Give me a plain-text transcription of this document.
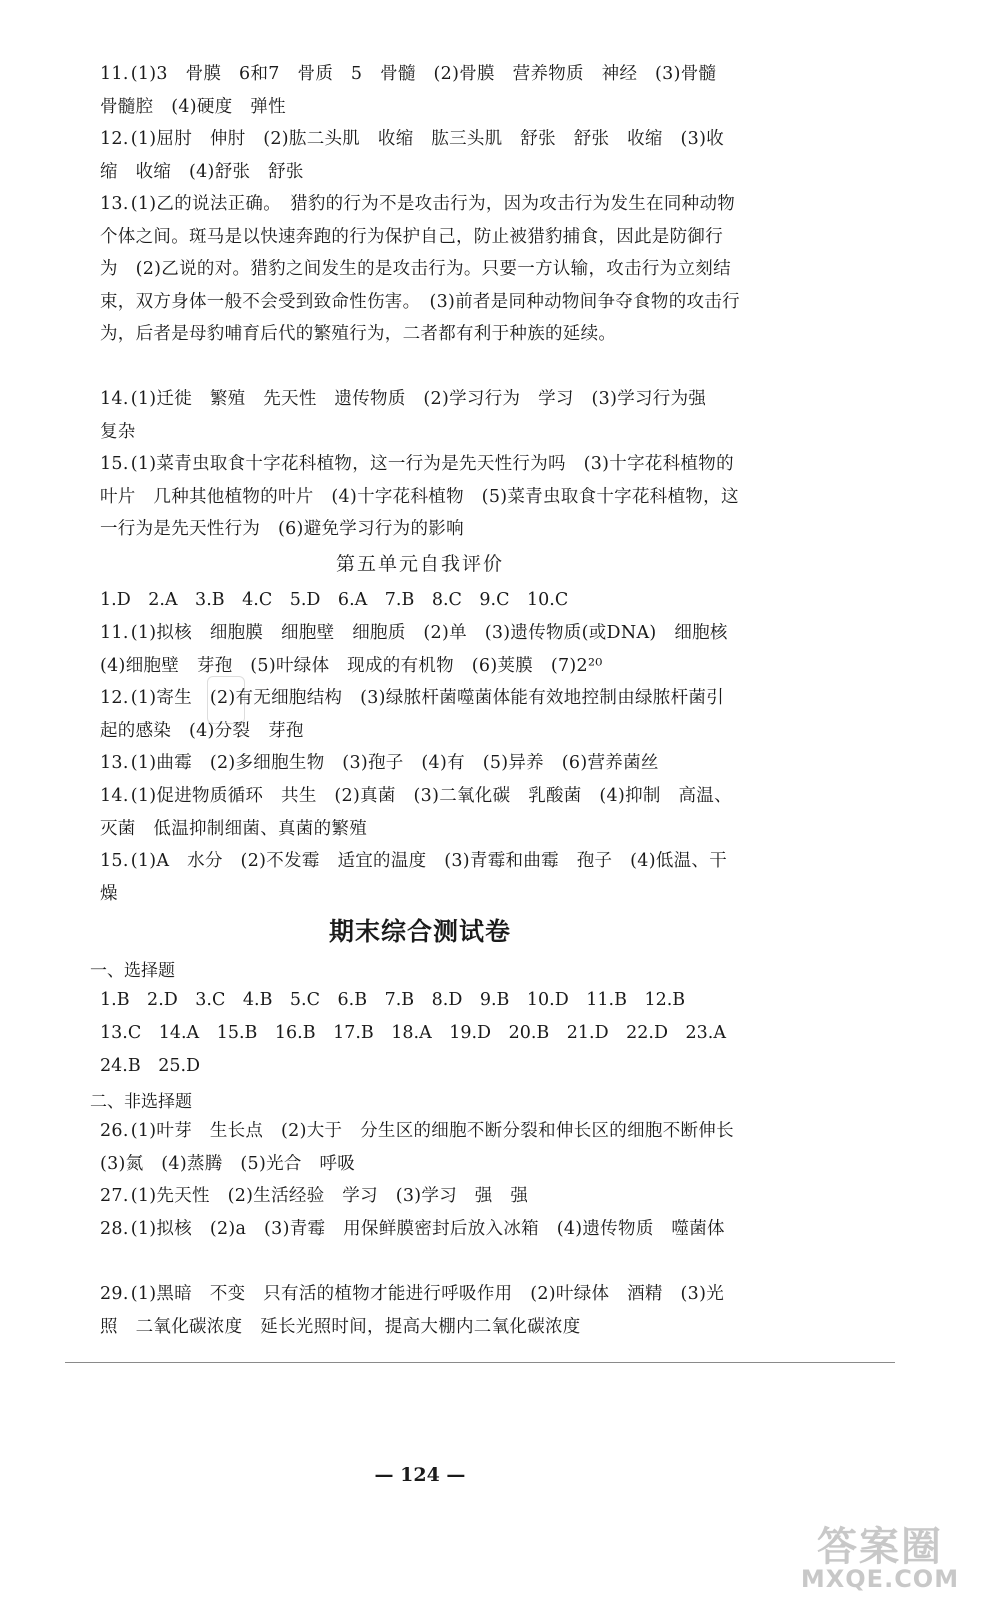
11. (1)3　骨膜　6和7　骨质　5　骨髓　(2)骨膜　营养物质　神经　(3)骨髓　骨髓腔　(4)硬度　弹性
12. (1)屈肘　伸肘　(2)肱二头肌　收缩　肱三头肌　舒张　舒张　收缩　(3)收缩　收缩　(4)舒张　舒张
13. (1)乙的说法正确。　猎豹的行为不是攻击行为，因为攻击行为发生在同种动物个体之间。斑马是以快速奔跑的行为保护自己，防止被猎豹捕食，因此是防御行为　(2)乙说的对。猎豹之间发生的是攻击行为。只要一方认输，攻击行为立刻结束，双方身体一般不会受到致命性伤害。　(3)前者是同种动物间争夺食物的攻击行为，后者是母豹哺育后代的繁殖行为，二者都有利于种族的延续。
14. (1)迁徙　繁殖　先天性　遗传物质　(2)学习行为　学习　(3)学习行为强　复杂
15. (1)菜青虫取食十字花科植物，这一行为是先天性行为吗　(3)十字花科植物的叶片　几种其他植物的叶片　(4)十字花科植物　(5)菜青虫取食十字花科植物，这一行为是先天性行为　(6)避免学习行为的影响
第五单元自我评价
1.D　2.A　3.B　4.C　5.D　6.A　7.B　8.C　9.C　10.C
11. (1)拟核　细胞膜　细胞壁　细胞质　(2)单　(3)遗传物质(或DNA)　细胞核　(4)细胞壁　芽孢　(5)叶绿体　现成的有机物　(6)荚膜　(7)2²⁰
12. (1)寄生　(2)有无细胞结构　(3)绿脓杆菌噬菌体能有效地控制由绿脓杆菌引起的感染　(4)分裂　芽孢
13. (1)曲霉　(2)多细胞生物　(3)孢子　(4)有　(5)异养　(6)营养菌丝
14. (1)促进物质循环　共生　(2)真菌　(3)二氧化碳　乳酸菌　(4)抑制　高温、灭菌　低温抑制细菌、真菌的繁殖
15. (1)A　水分　(2)不发霉　适宜的温度　(3)青霉和曲霉　孢子　(4)低温、干燥
期末综合测试卷
一、选择题
1.B　2.D　3.C　4.B　5.C　6.B　7.B　8.D　9.B　10.D　11.B　12.B
13.C　14.A　15.B　16.B　17.B　18.A　19.D　20.B　21.D　22.D　23.A
24.B　25.D
二、非选择题
26. (1)叶芽　生长点　(2)大于　分生区的细胞不断分裂和伸长区的细胞不断伸长　(3)氮　(4)蒸腾　(5)光合　呼吸
27. (1)先天性　(2)生活经验　学习　(3)学习　强　强
28. (1)拟核　(2)a　(3)青霉　用保鲜膜密封后放入冰箱　(4)遗传物质　噬菌体
29. (1)黑暗　不变　只有活的植物才能进行呼吸作用　(2)叶绿体　酒精　(3)光照　二氧化碳浓度　延长光照时间，提高大棚内二氧化碳浓度
— 124 —
答案圈
MXQE.COM
